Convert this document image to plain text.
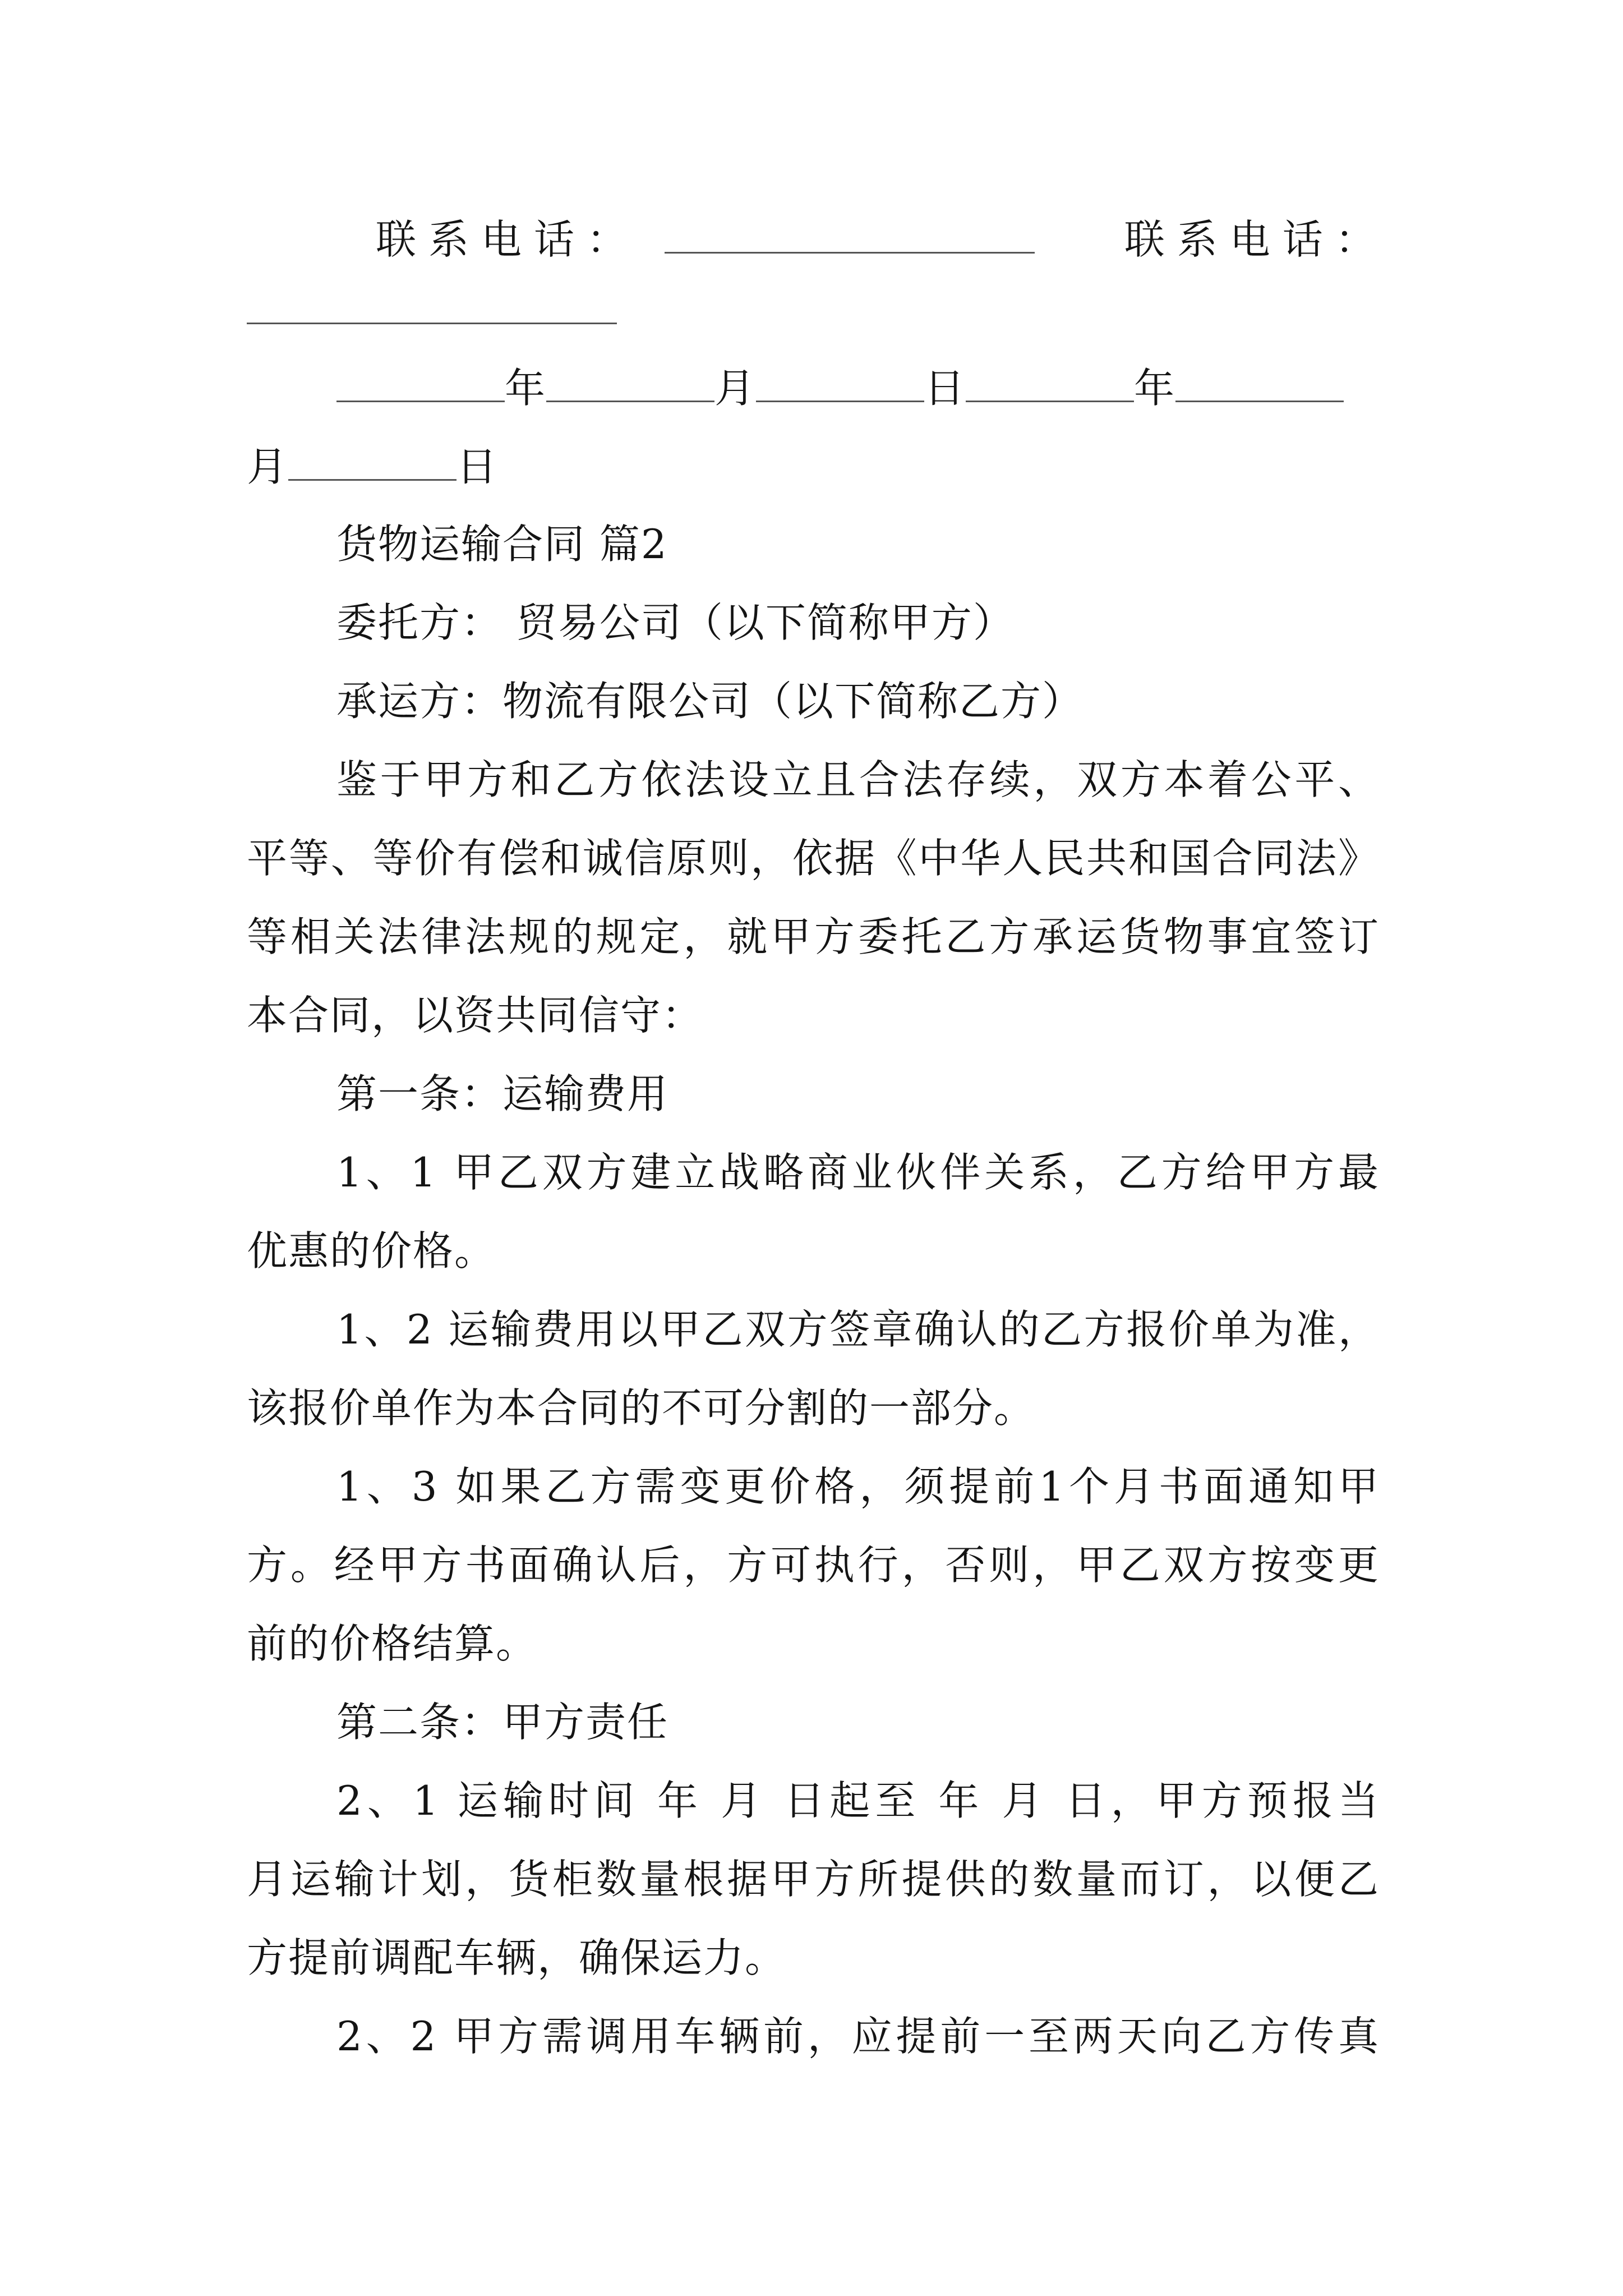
联系电话：	联系电话：
年	月	日	年
月	日
货物运输合同 篇2
委托方： 贸易公司（以下简称甲方）
承运方：物流有限公司（以下简称乙方）
鉴于甲方和乙方依法设立且合法存续，双方本着公平、
平等、等价有偿和诚信原则，依据《中华人民共和国合同法》
等相关法律法规的规定，就甲方委托乙方承运货物事宜签订
本合同，以资共同信守：
第一条：运输费用
1、1 甲乙双方建立战略商业伙伴关系，乙方给甲方最
优惠的价格。
1、2 运输费用以甲乙双方签章确认的乙方报价单为准，
该报价单作为本合同的不可分割的一部分。
1、3 如果乙方需变更价格，须提前1个月书面通知甲
方。经甲方书面确认后，方可执行，否则，甲乙双方按变更
前的价格结算。
第二条：甲方责任
2、1 运输时间 年 月 日起至 年 月 日，甲方预报当
月运输计划，货柜数量根据甲方所提供的数量而订，以便乙
方提前调配车辆，确保运力。
2、2 甲方需调用车辆前，应提前一至两天向乙方传真
